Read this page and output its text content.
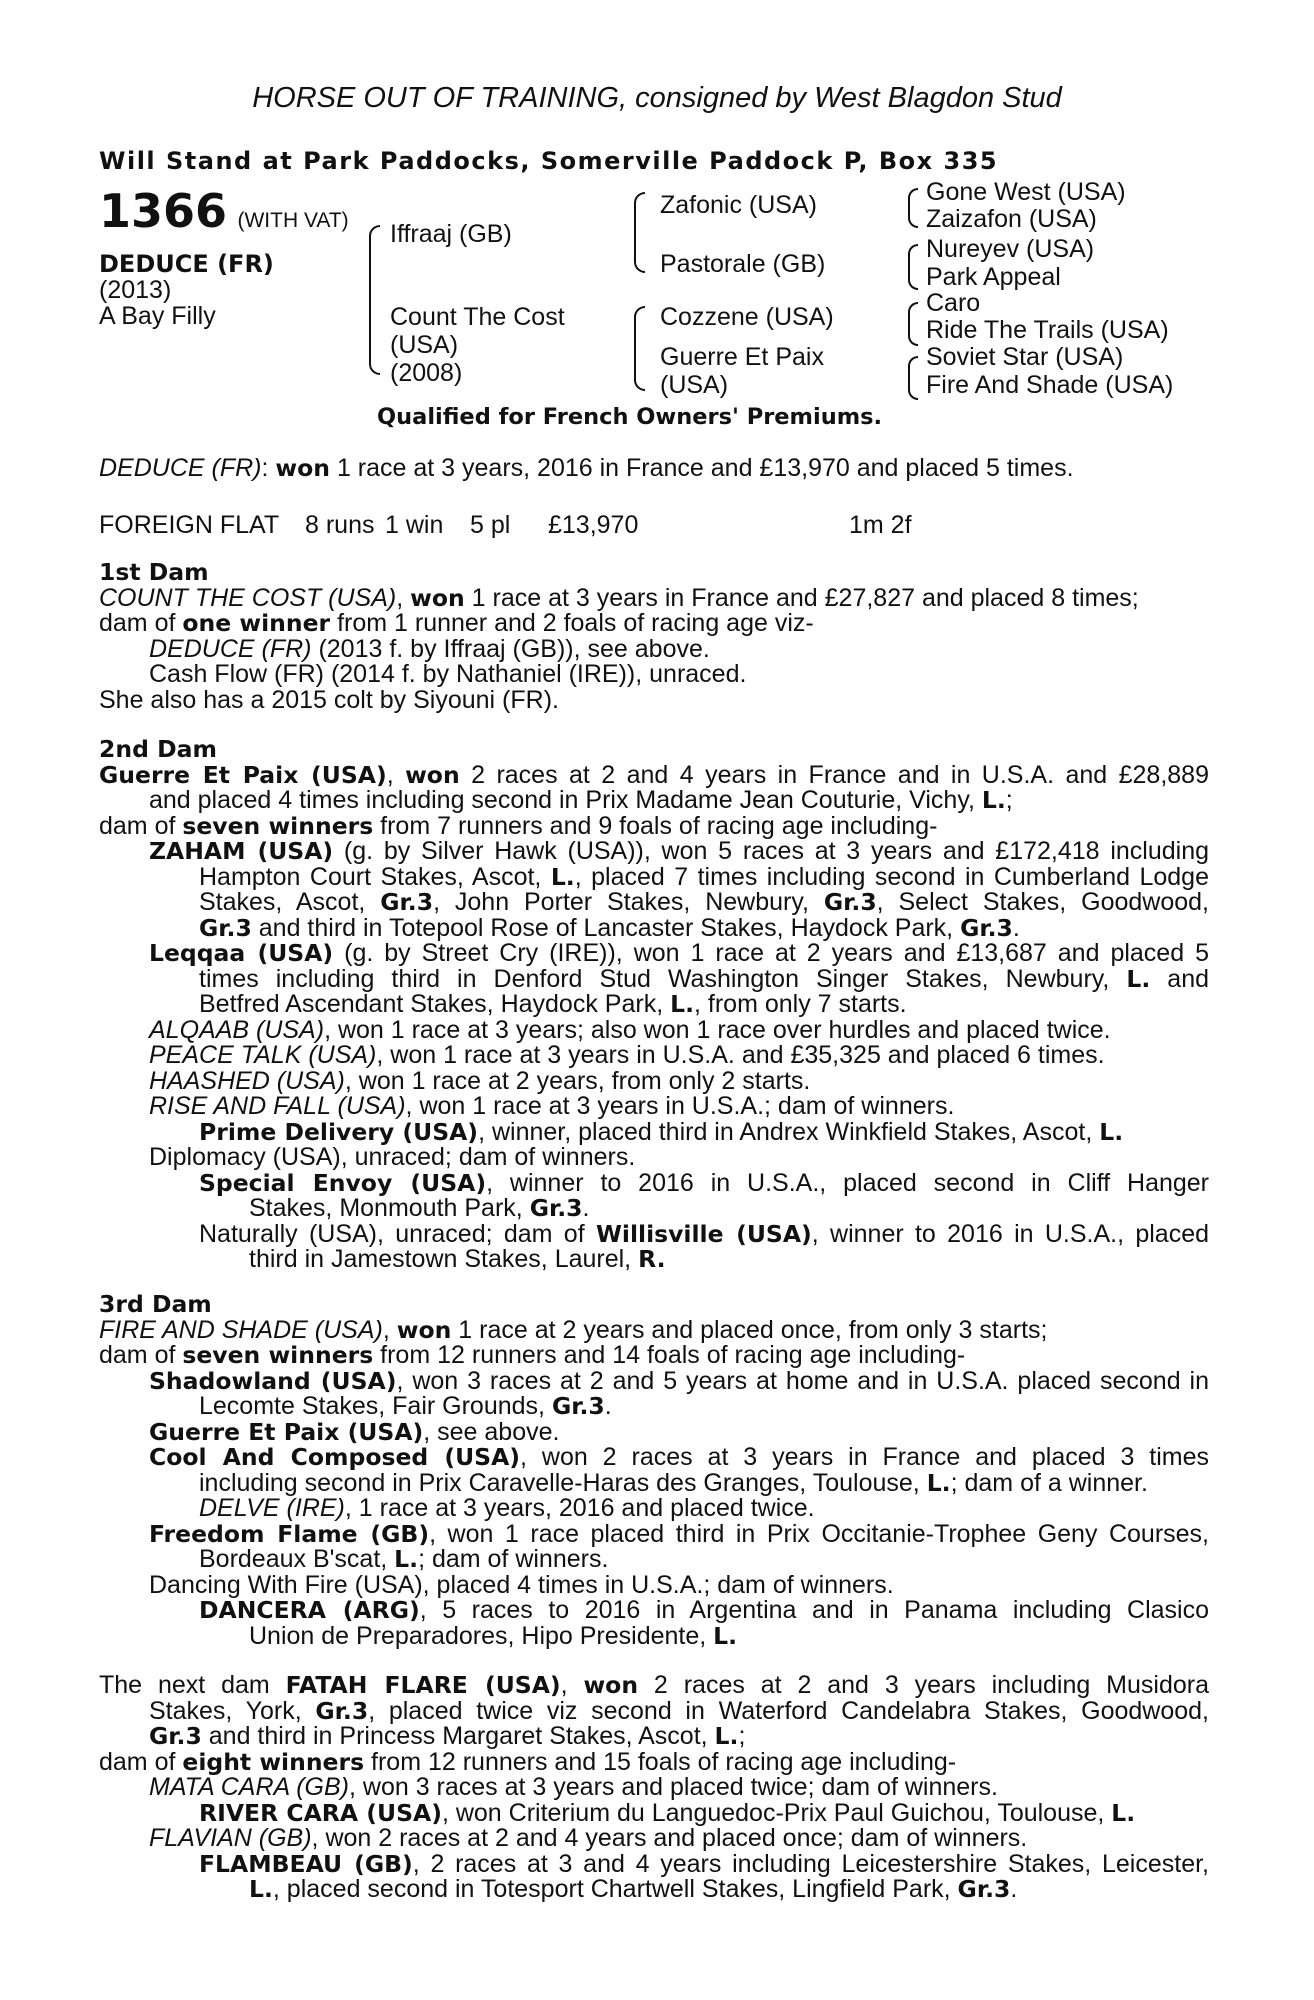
HORSE OUT OF TRAINING, consigned by West Blagdon Stud
Will Stand at Park Paddocks, Somerville Paddock P, Box 335
1366 (WITH VAT)
DEDUCE (FR)
(2013)
A Bay Filly
Iffraaj (GB)
Count The Cost
(USA)
(2008)
Zafonic (USA)
Pastorale (GB)
Cozzene (USA)
Guerre Et Paix
(USA)
Gone West (USA)
Zaizafon (USA)
Nureyev (USA)
Park Appeal
Caro
Ride The Trails (USA)
Soviet Star (USA)
Fire And Shade (USA)
Qualified for French Owners' Premiums.
DEDUCE (FR): won 1 race at 3 years, 2016 in France and £13,970 and placed 5 times.
FOREIGN FLAT 8 runs 1 win 5 pl £13,970	1m 2f
1st Dam
COUNT THE COST (USA), won 1 race at 3 years in France and £27,827 and placed 8 times;
dam of one winner from 1 runner and 2 foals of racing age viz-
DEDUCE (FR) (2013 f. by Iffraaj (GB)), see above.
Cash Flow (FR) (2014 f. by Nathaniel (IRE)), unraced.
She also has a 2015 colt by Siyouni (FR).
2nd Dam
Guerre Et Paix (USA), won 2 races at 2 and 4 years in France and in U.S.A. and £28,889
and placed 4 times including second in Prix Madame Jean Couturie, Vichy, L.;
dam of seven winners from 7 runners and 9 foals of racing age including-
ZAHAM (USA) (g. by Silver Hawk (USA)), won 5 races at 3 years and £172,418 including
Hampton Court Stakes, Ascot, L., placed 7 times including second in Cumberland Lodge
Stakes, Ascot, Gr.3, John Porter Stakes, Newbury, Gr.3, Select Stakes, Goodwood,
Gr.3 and third in Totepool Rose of Lancaster Stakes, Haydock Park, Gr.3.
Leqqaa (USA) (g. by Street Cry (IRE)), won 1 race at 2 years and £13,687 and placed 5
times including third in Denford Stud Washington Singer Stakes, Newbury, L. and
Betfred Ascendant Stakes, Haydock Park, L., from only 7 starts.
ALQAAB (USA), won 1 race at 3 years; also won 1 race over hurdles and placed twice.
PEACE TALK (USA), won 1 race at 3 years in U.S.A. and £35,325 and placed 6 times.
HAASHED (USA), won 1 race at 2 years, from only 2 starts.
RISE AND FALL (USA), won 1 race at 3 years in U.S.A.; dam of winners.
Prime Delivery (USA), winner, placed third in Andrex Winkfield Stakes, Ascot, L.
Diplomacy (USA), unraced; dam of winners.
Special Envoy (USA), winner to 2016 in U.S.A., placed second in Cliff Hanger
Stakes, Monmouth Park, Gr.3.
Naturally (USA), unraced; dam of Willisville (USA), winner to 2016 in U.S.A., placed
third in Jamestown Stakes, Laurel, R.
3rd Dam
FIRE AND SHADE (USA), won 1 race at 2 years and placed once, from only 3 starts;
dam of seven winners from 12 runners and 14 foals of racing age including-
Shadowland (USA), won 3 races at 2 and 5 years at home and in U.S.A. placed second in
Lecomte Stakes, Fair Grounds, Gr.3.
Guerre Et Paix (USA), see above.
Cool And Composed (USA), won 2 races at 3 years in France and placed 3 times
including second in Prix Caravelle-Haras des Granges, Toulouse, L.; dam of a winner.
DELVE (IRE), 1 race at 3 years, 2016 and placed twice.
Freedom Flame (GB), won 1 race placed third in Prix Occitanie-Trophee Geny Courses,
Bordeaux B'scat, L.; dam of winners.
Dancing With Fire (USA), placed 4 times in U.S.A.; dam of winners.
DANCERA (ARG), 5 races to 2016 in Argentina and in Panama including Clasico
Union de Preparadores, Hipo Presidente, L.
The next dam FATAH FLARE (USA), won 2 races at 2 and 3 years including Musidora
Stakes, York, Gr.3, placed twice viz second in Waterford Candelabra Stakes, Goodwood,
Gr.3 and third in Princess Margaret Stakes, Ascot, L.;
dam of eight winners from 12 runners and 15 foals of racing age including-
MATA CARA (GB), won 3 races at 3 years and placed twice; dam of winners.
RIVER CARA (USA), won Criterium du Languedoc-Prix Paul Guichou, Toulouse, L.
FLAVIAN (GB), won 2 races at 2 and 4 years and placed once; dam of winners.
FLAMBEAU (GB), 2 races at 3 and 4 years including Leicestershire Stakes, Leicester,
L., placed second in Totesport Chartwell Stakes, Lingfield Park, Gr.3.
